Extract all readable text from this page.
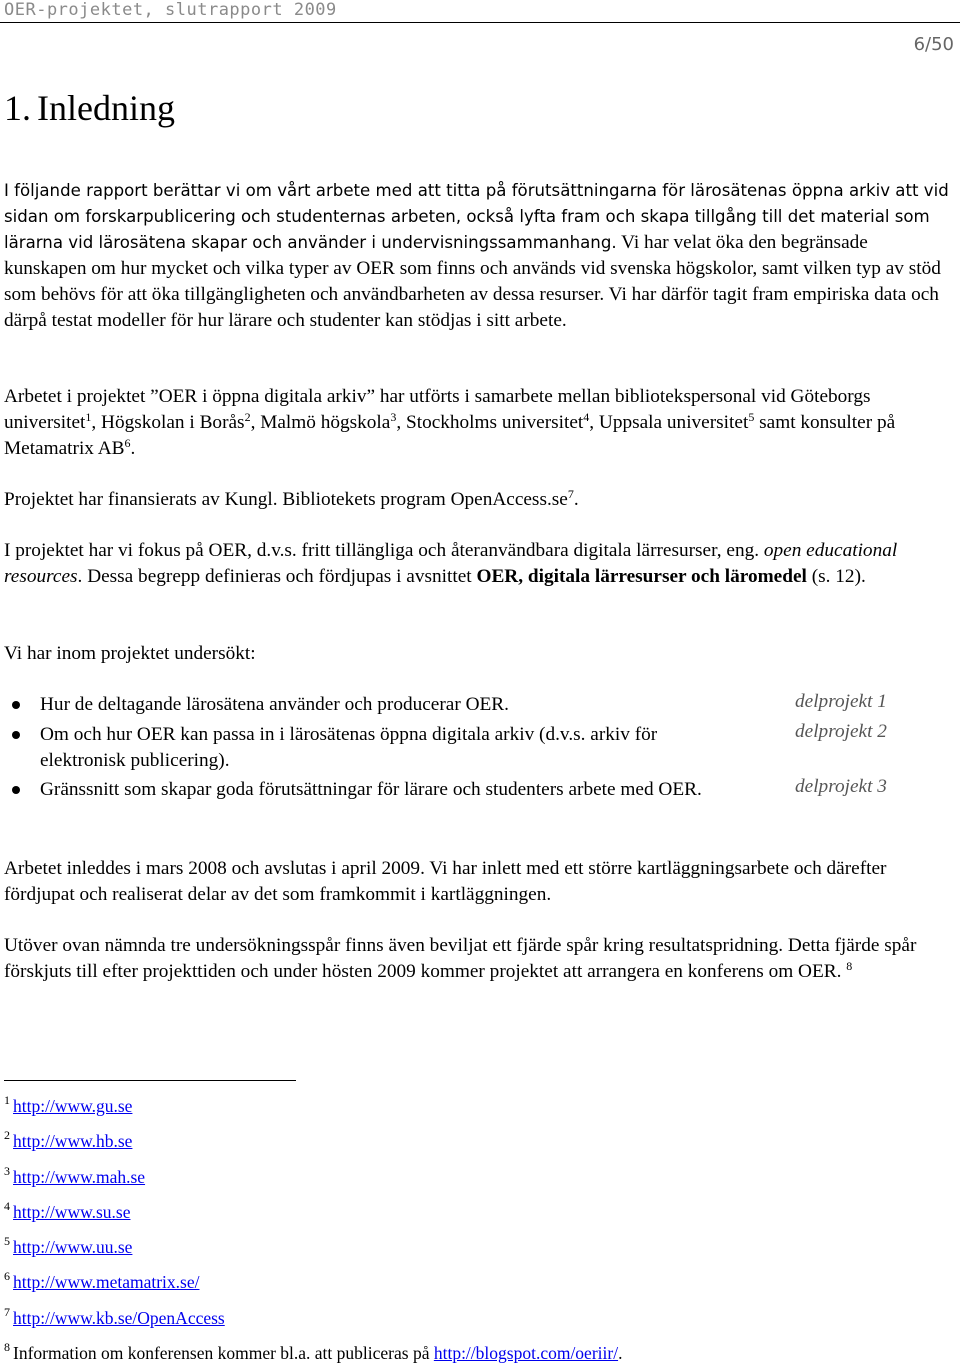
OER-projektet, slutrapport 2009
6/50
1. Inledning

I följande rapport berättar vi om vårt arbete med att titta på förutsättningarna för lärosätenas öppna arkiv att vid sidan om forskarpublicering och studenternas arbeten, också lyfta fram och skapa tillgång till det material som lärarna vid lärosätena skapar och använder i undervisningssammanhang. Vi har velat öka den begränsade kunskapen om hur mycket och vilka typer av OER som finns och används vid svenska högskolor, samt vilken typ av stöd som behövs för att öka tillgängligheten och användbarheten av dessa resurser. Vi har därför tagit fram empiriska data och därpå testat modeller för hur lärare och studenter kan stödjas i sitt arbete.

Arbetet i projektet ”OER i öppna digitala arkiv” har utförts i samarbete mellan bibliotekspersonal vid Göteborgs universitet$^1$, Högskolan i Borås$^2$, Malmö högskola$^3$, Stockholms universitet$^4$, Uppsala universitet$^5$ samt konsulter på Metamatrix $AB^6$.

Projektet har finansierats av Kungl. Bibliotekets program $OpenAccess.se^7$.

I projektet har vi fokus på OER, d.v.s. fritt tillängliga och återanvändbara digitala lärresurser, eng. open educational resources. Dessa begrepp definieras och fördjupas i avsnittet OER, digitala lärresurser och läromedel (s. 12).

Vi har inom projektet undersökt:

Hur de deltagande lärosätena använder och producerar OER.	delprojekt 1
Om och hur OER kan passa in i lärosätenas öppna digitala arkiv (d.v.s. arkiv för elektronisk publicering).
delprojekt 2
Gränssnitt som skapar goda förutsättningar för lärare och studenters arbete med OER.	delprojekt 3

Arbetet inleddes i mars 2008 och avslutas i april 2009. Vi har inlett med ett större kartläggningsarbete och därefter fördjupat och realiserat delar av det som framkommit i kartläggningen.

Utöver ovan nämnda tre undersökningsspår finns även beviljat ett fjärde spår kring resultatspridning. Detta fjärde spår förskjuts till efter projekttiden och under hösten 2009 kommer projektet att arrangera en konferens om OER. $^8$

$^1$ http://www.gu.se
$^2$ http://www.hb.se
$^3$ http://www.mah.se
$^4$ http://www.su.se
$^5$ http://www.uu.se
$^6$ http://www.metamatrix.se/
$^7$ http://www.kb.se/OpenAccess
$^8$ Information om konferensen kommer bl.a. att publiceras på http://blogspot.com/oeriir/.
